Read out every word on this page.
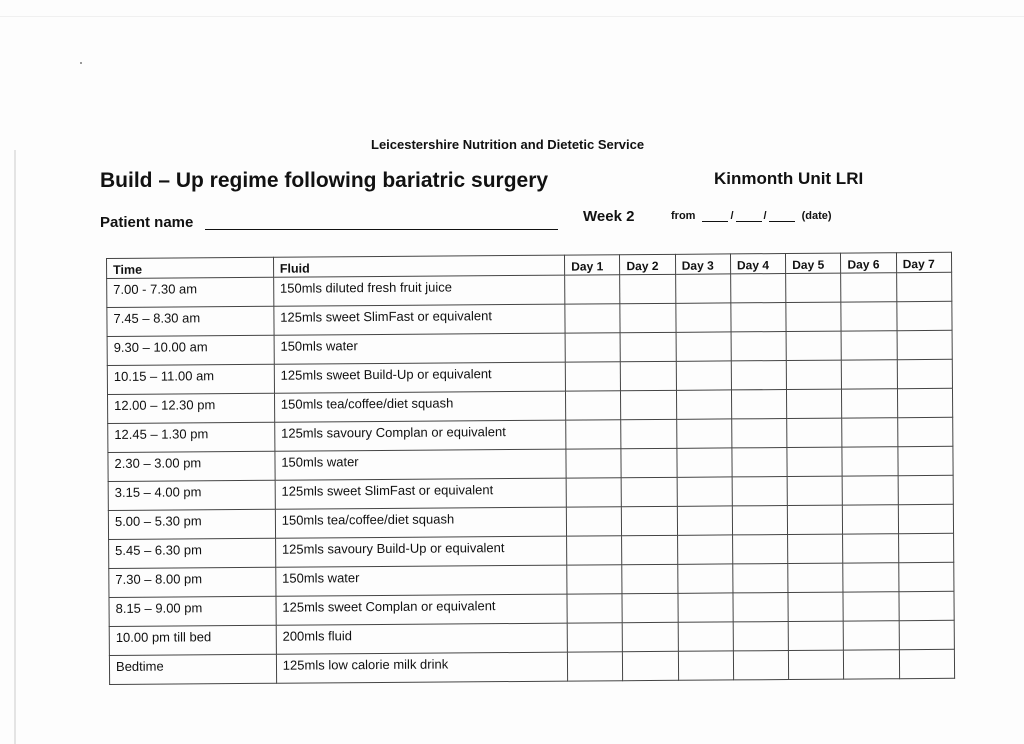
Leicestershire Nutrition and Dietetic Service
Build – Up regime following bariatric surgery	Kinmonth Unit LRI
Patient name	Week 2	from	/	/	(date)
Time	Fluid	Day 1	Day 2	Day 3	Day 4	Day 5	Day 6	Day 7
7.00 - 7.30 am	150mls diluted fresh fruit juice							
7.45 – 8.30 am	125mls sweet SlimFast or equivalent							
9.30 – 10.00 am	150mls water							
10.15 – 11.00 am	125mls sweet Build-Up or equivalent							
12.00 – 12.30 pm	150mls tea/coffee/diet squash							
12.45 – 1.30 pm	125mls savoury Complan or equivalent							
2.30 – 3.00 pm	150mls water							
3.15 – 4.00 pm	125mls sweet SlimFast or equivalent							
5.00 – 5.30 pm	150mls tea/coffee/diet squash							
5.45 – 6.30 pm	125mls savoury Build-Up or equivalent							
7.30 – 8.00 pm	150mls water							
8.15 – 9.00 pm	125mls sweet Complan or equivalent							
10.00 pm till bed	200mls fluid							
Bedtime	125mls low calorie milk drink							
